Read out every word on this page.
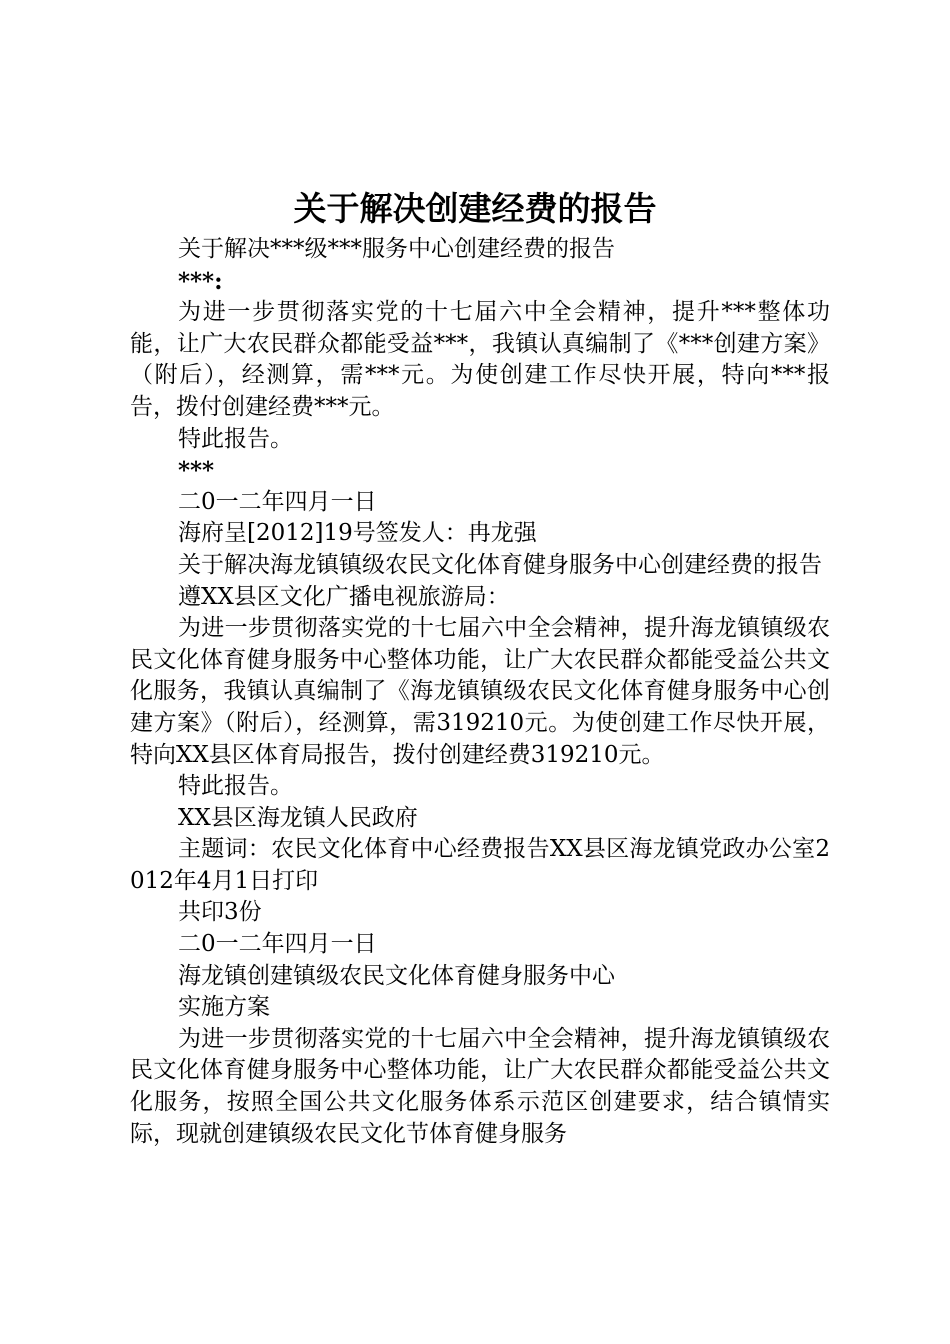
关于解决创建经费的报告

关于解决***级***服务中心创建经费的报告

***:

为进一步贯彻落实党的十七届六中全会精神，提升***整体功能，让广大农民群众都能受益***，我镇认真编制了《***创建方案》（附后），经测算，需***元。为使创建工作尽快开展，特向***报告，拨付创建经费***元。

特此报告。

***

二0一二年四月一日

海府呈[2012]19号签发人：冉龙强

关于解决海龙镇镇级农民文化体育健身服务中心创建经费的报告

遵XX县区文化广播电视旅游局：

为进一步贯彻落实党的十七届六中全会精神，提升海龙镇镇级农民文化体育健身服务中心整体功能，让广大农民群众都能受益公共文化服务，我镇认真编制了《海龙镇镇级农民文化体育健身服务中心创建方案》（附后），经测算，需319210元。为使创建工作尽快开展，特向XX县区体育局报告，拨付创建经费319210元。

特此报告。

XX县区海龙镇人民政府

主题词：农民文化体育中心经费报告XX县区海龙镇党政办公室2012年4月1日打印

共印3份

二0一二年四月一日

海龙镇创建镇级农民文化体育健身服务中心

实施方案

为进一步贯彻落实党的十七届六中全会精神，提升海龙镇镇级农民文化体育健身服务中心整体功能，让广大农民群众都能受益公共文化服务，按照全国公共文化服务体系示范区创建要求，结合镇情实际，现就创建镇级农民文化节体育健身服务
